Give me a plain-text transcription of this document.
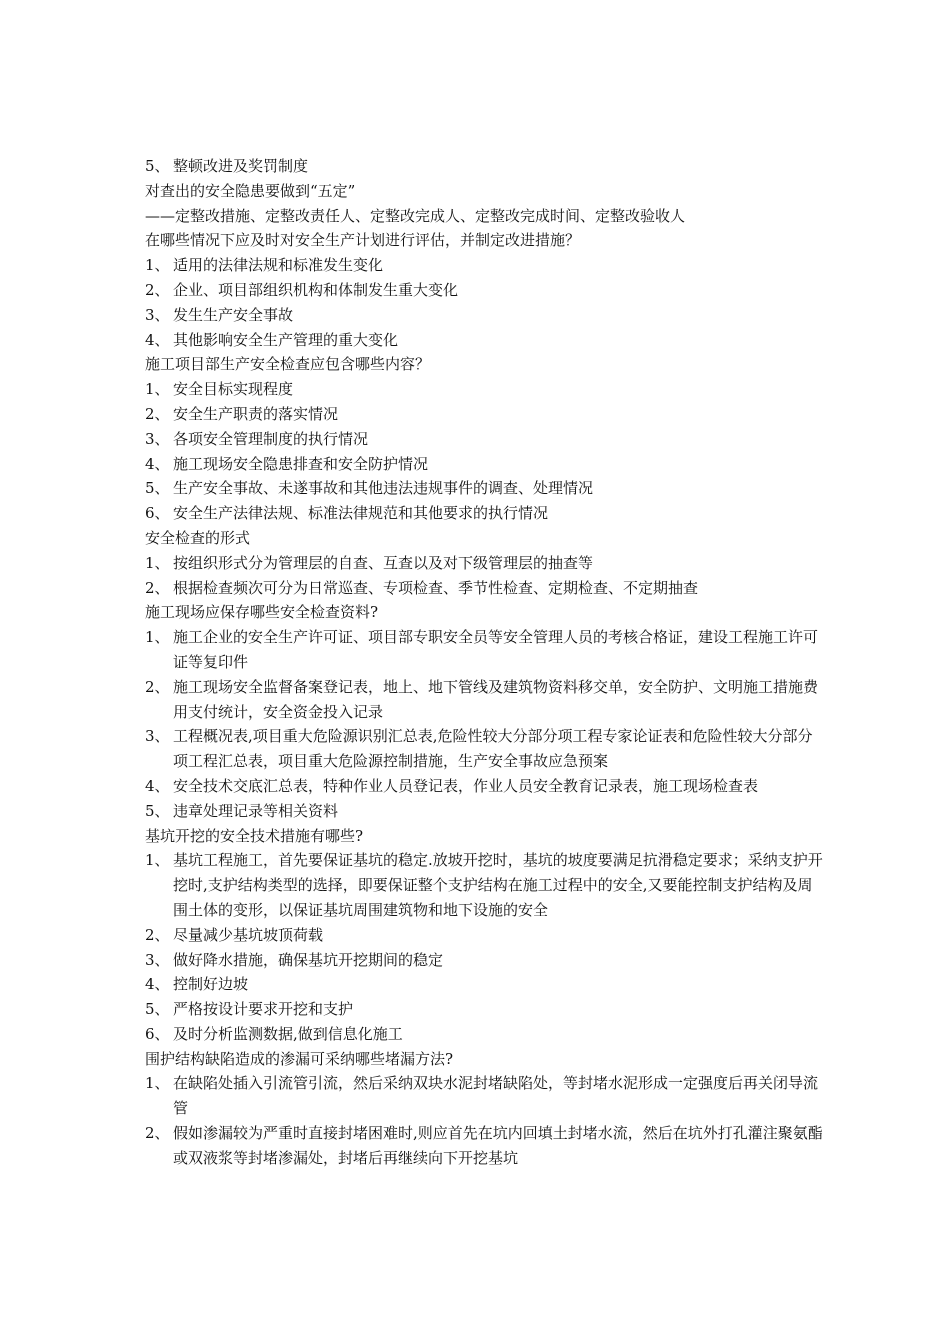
5、 整顿改进及奖罚制度
对查出的安全隐患要做到“五定”
——定整改措施、定整改责任人、定整改完成人、定整改完成时间、定整改验收人
在哪些情况下应及时对安全生产计划进行评估，并制定改进措施？
1、 适用的法律法规和标准发生变化
2、 企业、项目部组织机构和体制发生重大变化
3、 发生生产安全事故
4、 其他影响安全生产管理的重大变化
施工项目部生产安全检查应包含哪些内容？
1、 安全目标实现程度
2、 安全生产职责的落实情况
3、 各项安全管理制度的执行情况
4、 施工现场安全隐患排查和安全防护情况
5、 生产安全事故、未遂事故和其他违法违规事件的调查、处理情况
6、 安全生产法律法规、标准法律规范和其他要求的执行情况
安全检查的形式
1、 按组织形式分为管理层的自查、互查以及对下级管理层的抽查等
2、 根据检查频次可分为日常巡查、专项检查、季节性检查、定期检查、不定期抽查
施工现场应保存哪些安全检查资料?
1、 施工企业的安全生产许可证、项目部专职安全员等安全管理人员的考核合格证，建设工程施工许可证等复印件
2、 施工现场安全监督备案登记表，地上、地下管线及建筑物资料移交单，安全防护、文明施工措施费用支付统计，安全资金投入记录
3、 工程概况表,项目重大危险源识别汇总表,危险性较大分部分项工程专家论证表和危险性较大分部分项工程汇总表，项目重大危险源控制措施，生产安全事故应急预案
4、 安全技术交底汇总表，特种作业人员登记表，作业人员安全教育记录表，施工现场检查表
5、 违章处理记录等相关资料
基坑开挖的安全技术措施有哪些?
1、 基坑工程施工，首先要保证基坑的稳定.放坡开挖时，基坑的坡度要满足抗滑稳定要求；采纳支护开挖时,支护结构类型的选择，即要保证整个支护结构在施工过程中的安全,又要能控制支护结构及周围土体的变形，以保证基坑周围建筑物和地下设施的安全
2、 尽量减少基坑坡顶荷载
3、 做好降水措施，确保基坑开挖期间的稳定
4、 控制好边坡
5、 严格按设计要求开挖和支护
6、 及时分析监测数据,做到信息化施工
围护结构缺陷造成的渗漏可采纳哪些堵漏方法?
1、 在缺陷处插入引流管引流，然后采纳双块水泥封堵缺陷处，等封堵水泥形成一定强度后再关闭导流管
2、 假如渗漏较为严重时直接封堵困难时,则应首先在坑内回填土封堵水流，然后在坑外打孔灌注聚氨酯或双液浆等封堵渗漏处，封堵后再继续向下开挖基坑
